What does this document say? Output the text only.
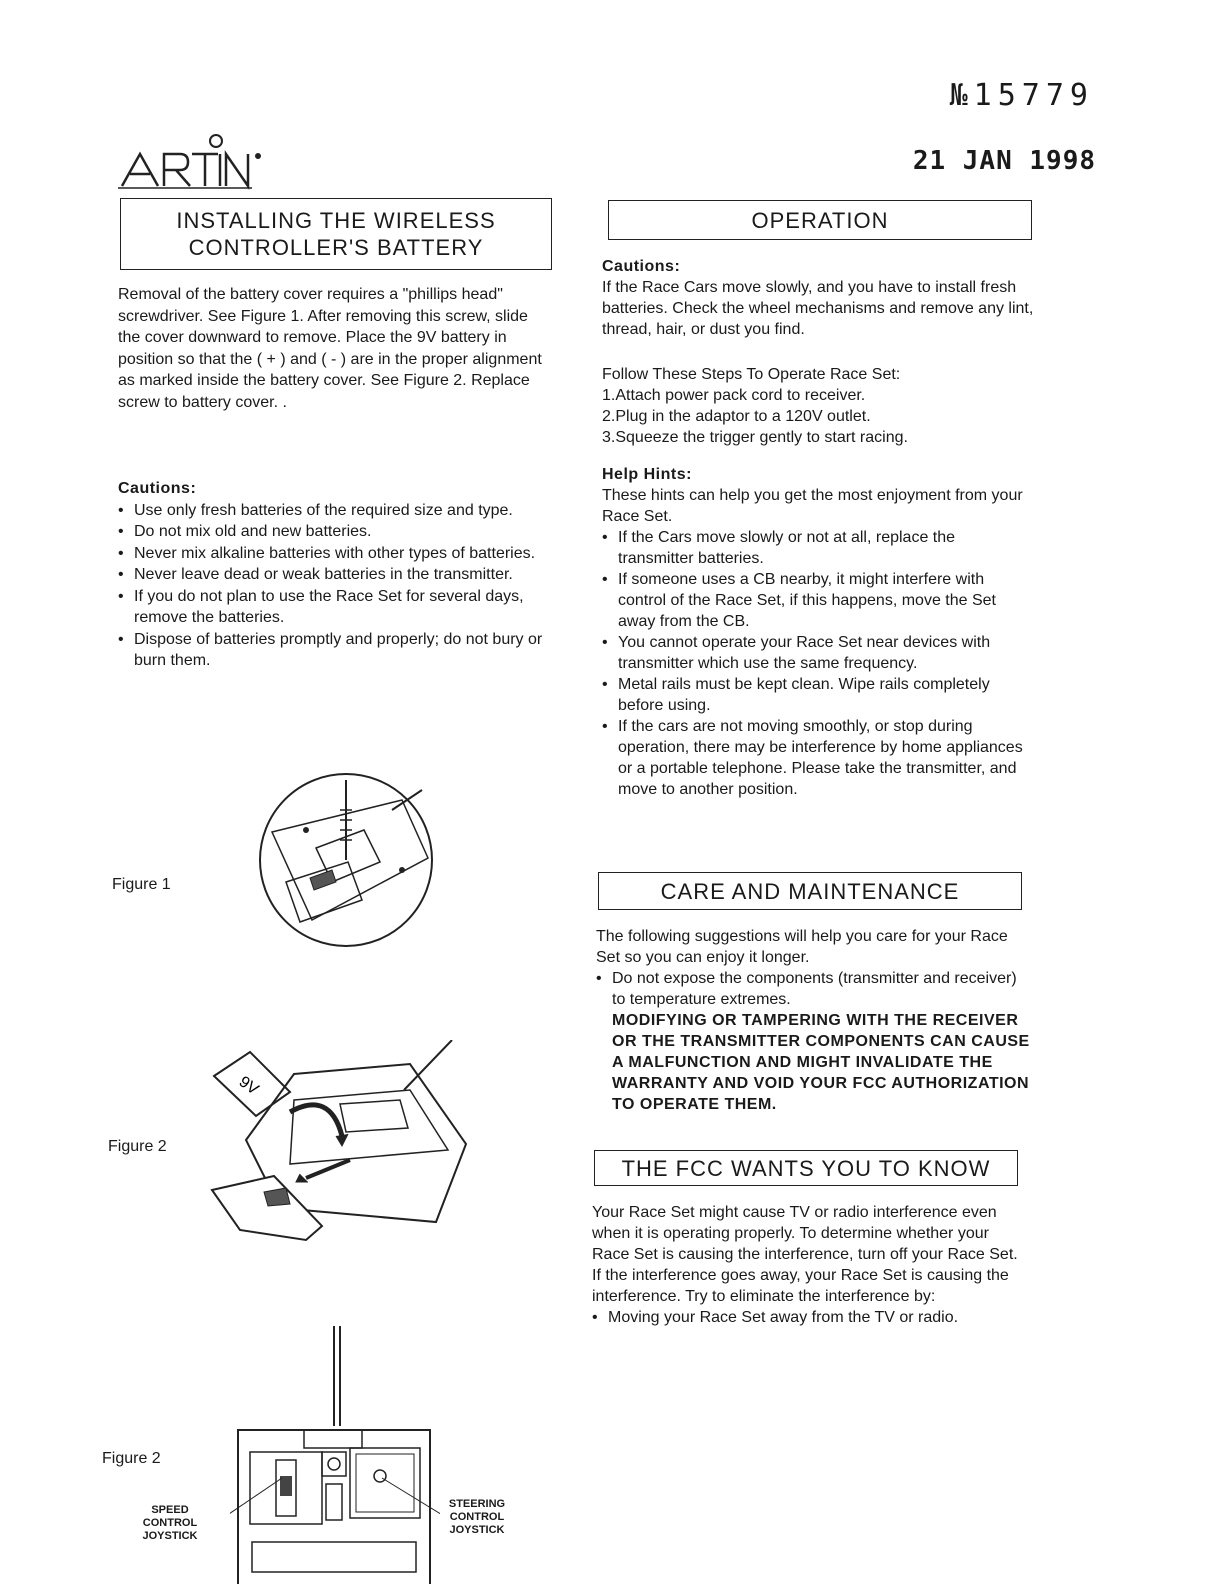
№15779
21 JAN 1998
ARTIN
INSTALLING THE WIRELESS
CONTROLLER'S BATTERY

Removal of the battery cover requires a "phillips head" screwdriver. See Figure 1. After removing this screw, slide the cover downward to remove. Place the 9V battery in position so that the ( + ) and ( - ) are in the proper alignment as marked inside the battery cover. See Figure 2. Replace screw to battery cover. .

Cautions:

• Use only fresh batteries of the required size and type.
• Do not mix old and new batteries.
• Never mix alkaline batteries with other types of batteries.
• Never leave dead or weak batteries in the transmitter.
• If you do not plan to use the Race Set for several days, remove the batteries.
• Dispose of batteries promptly and properly; do not bury or burn them.
Figure 1
Figure 2
9V
Figure 2
SPEED CONTROL JOYSTICK
STEERING CONTROL JOYSTICK
OPERATION

Cautions:

If the Race Cars move slowly, and you have to install fresh batteries. Check the wheel mechanisms and remove any lint, thread, hair, or dust you find.

Follow These Steps To Operate Race Set:

1.Attach power pack cord to receiver.
2.Plug in the adaptor to a 120V outlet.
3.Squeeze the trigger gently to start racing.

Help Hints:

These hints can help you get the most enjoyment from your Race Set.

• If the Cars move slowly or not at all, replace the transmitter batteries.
• If someone uses a CB nearby, it might interfere with control of the Race Set, if this happens, move the Set away from the CB.
• You cannot operate your Race Set near devices with transmitter which use the same frequency.
• Metal rails must be kept clean. Wipe rails completely before using.
• If the cars are not moving smoothly, or stop during operation, there may be interference by home appliances or a portable telephone. Please take the transmitter, and move to another position.
CARE AND MAINTENANCE

The following suggestions will help you care for your Race Set so you can enjoy it longer.

• Do not expose the components (transmitter and receiver) to temperature extremes.

MODIFYING OR TAMPERING WITH THE RECEIVER OR THE TRANSMITTER COMPONENTS CAN CAUSE A MALFUNCTION AND MIGHT INVALIDATE THE WARRANTY AND VOID YOUR FCC AUTHORIZATION TO OPERATE THEM.

THE FCC WANTS YOU TO KNOW

Your Race Set might cause TV or radio interference even when it is operating properly. To determine whether your Race Set is causing the interference, turn off your Race Set. If the interference goes away, your Race Set is causing the interference. Try to eliminate the interference by:

• Moving your Race Set away from the TV or radio.
